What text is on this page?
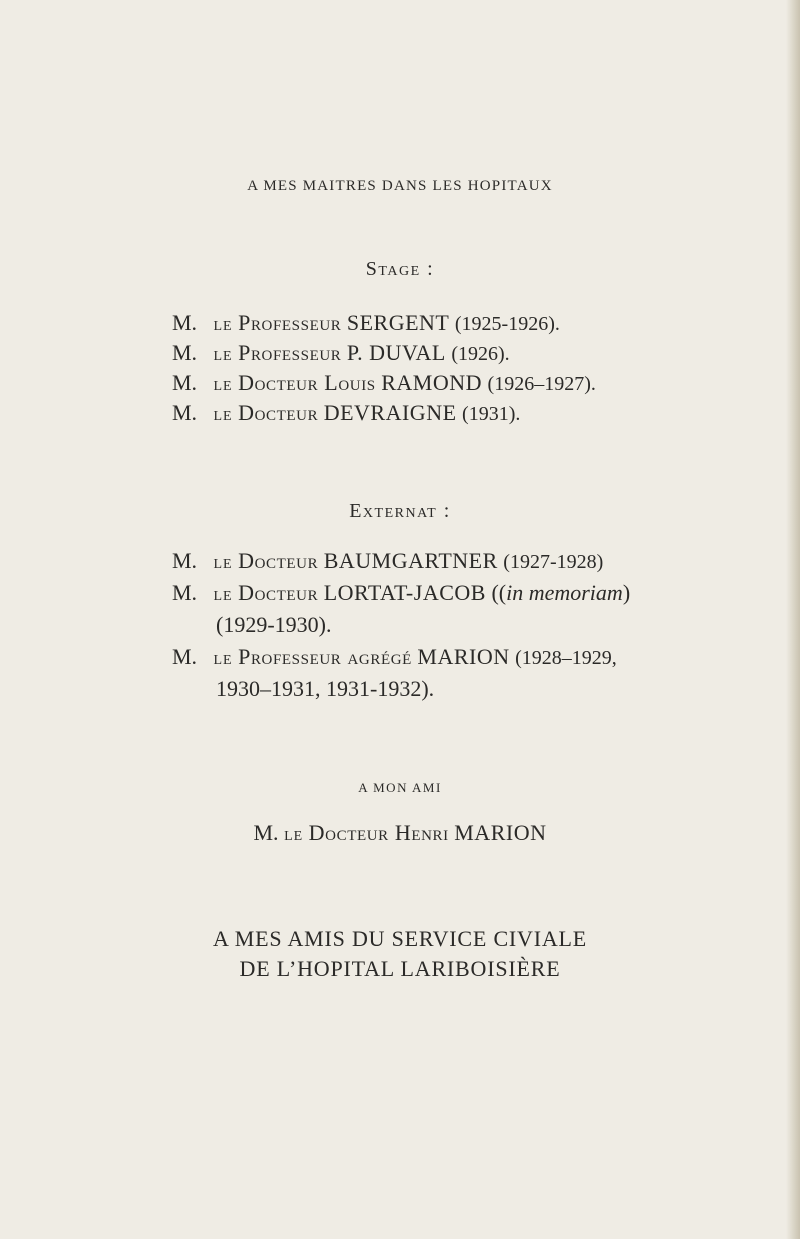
A MES MAITRES DANS LES HOPITAUX
Stage :
M. LE Professeur SERGENT (1925-1926).
M. LE Professeur P. DUVAL (1926).
M. LE Docteur Louis RAMOND (1926–1927).
M. LE Docteur DEVRAIGNE (1931).
Externat :
M. LE Docteur BAUMGARTNER (1927-1928)
M. LE Docteur LORTAT-JACOB ((in memoriam)
(1929-1930).
M. LE Professeur agrégé MARION (1928–1929,
1930–1931, 1931-1932).
A MON AMI
M. LE Docteur Henri MARION
A MES AMIS DU SERVICE CIVIALE
DE L’HOPITAL LARIBOISIÈRE
